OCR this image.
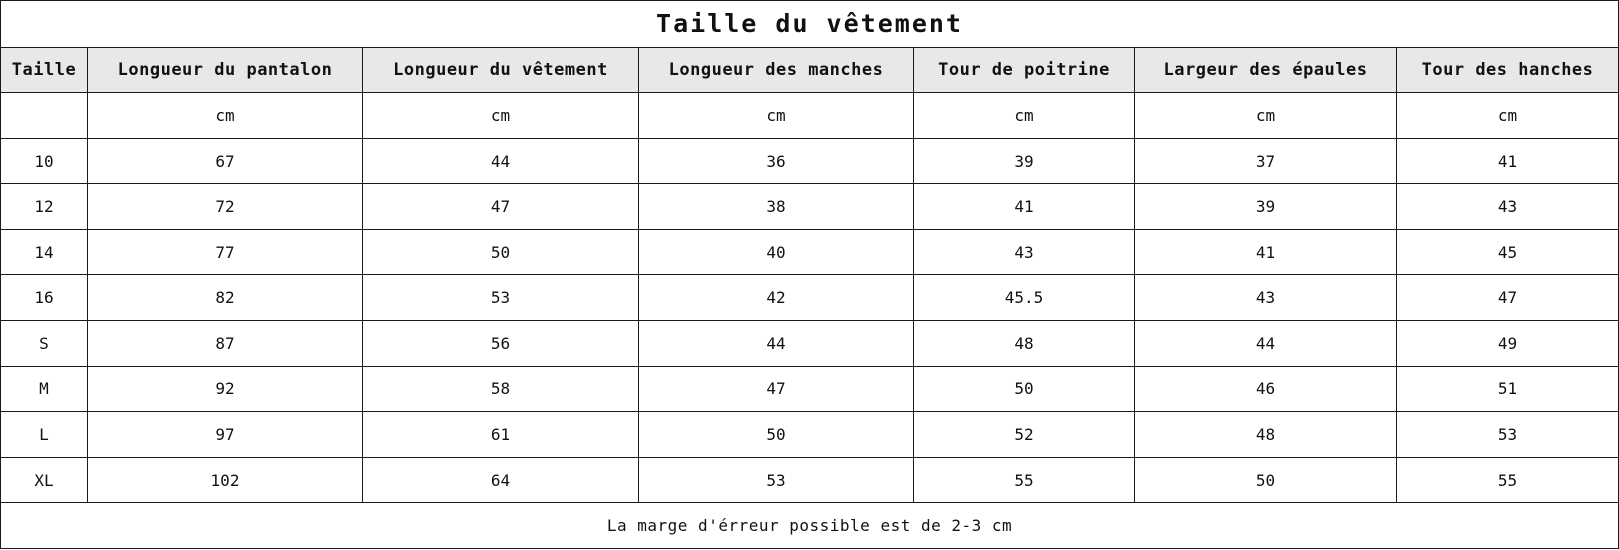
Taille du vêtement						
Taille	Longueur du pantalon	Longueur du vêtement	Longueur des manches	Tour de poitrine	Largeur des épaules	Tour des hanches
	cm	cm	cm	cm	cm	cm
10	67	44	36	39	37	41
12	72	47	38	41	39	43
14	77	50	40	43	41	45
16	82	53	42	45.5	43	47
S	87	56	44	48	44	49
M	92	58	47	50	46	51
L	97	61	50	52	48	53
XL	102	64	53	55	50	55
La marge d'érreur possible est de 2-3 cm						
